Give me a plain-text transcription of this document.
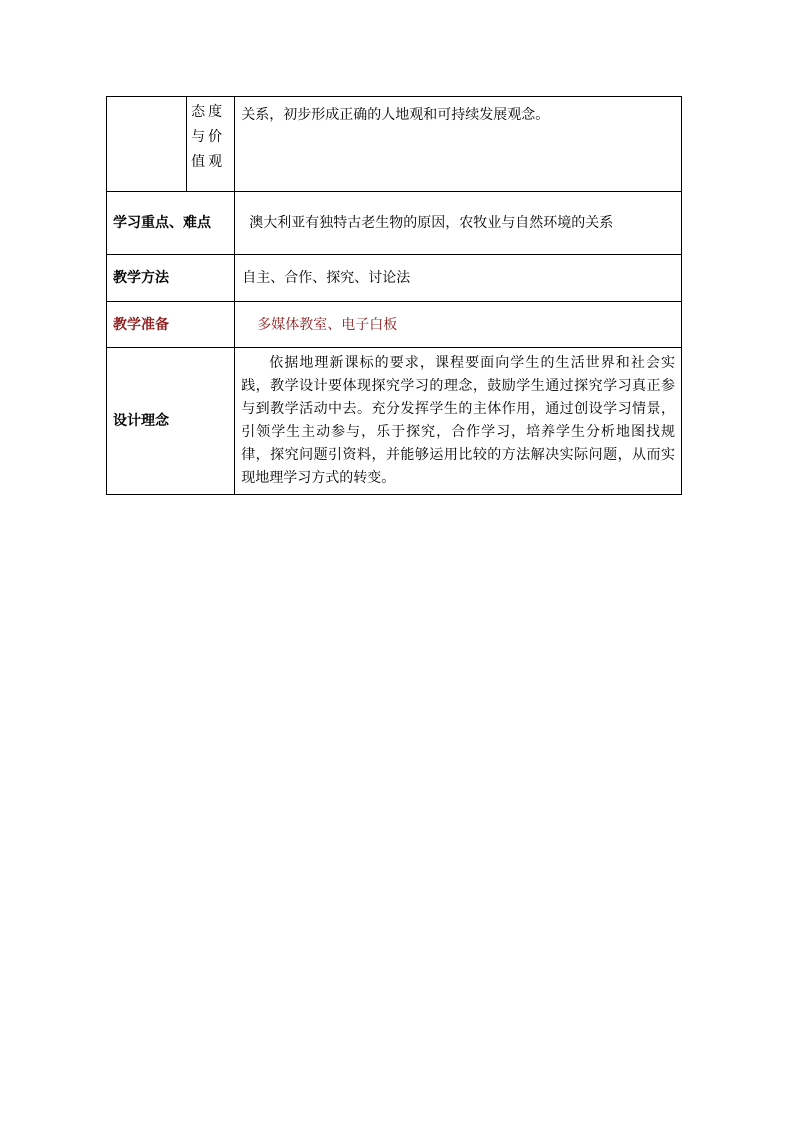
	态度与价值观	关系，初步形成正确的人地观和可持续发展观念。
学习重点、难点		澳大利亚有独特古老生物的原因，农牧业与自然环境的关系
教学方法		自主、合作、探究、讨论法
教学准备		多媒体教室、电子白板
设计理念		依据地理新课标的要求，课程要面向学生的生活世界和社会实践，教学设计要体现探究学习的理念，鼓励学生通过探究学习真正参与到教学活动中去。充分发挥学生的主体作用，通过创设学习情景，引领学生主动参与，乐于探究，合作学习，培养学生分析地图找规律，探究问题引资料，并能够运用比较的方法解决实际问题，从而实现地理学习方式的转变。
